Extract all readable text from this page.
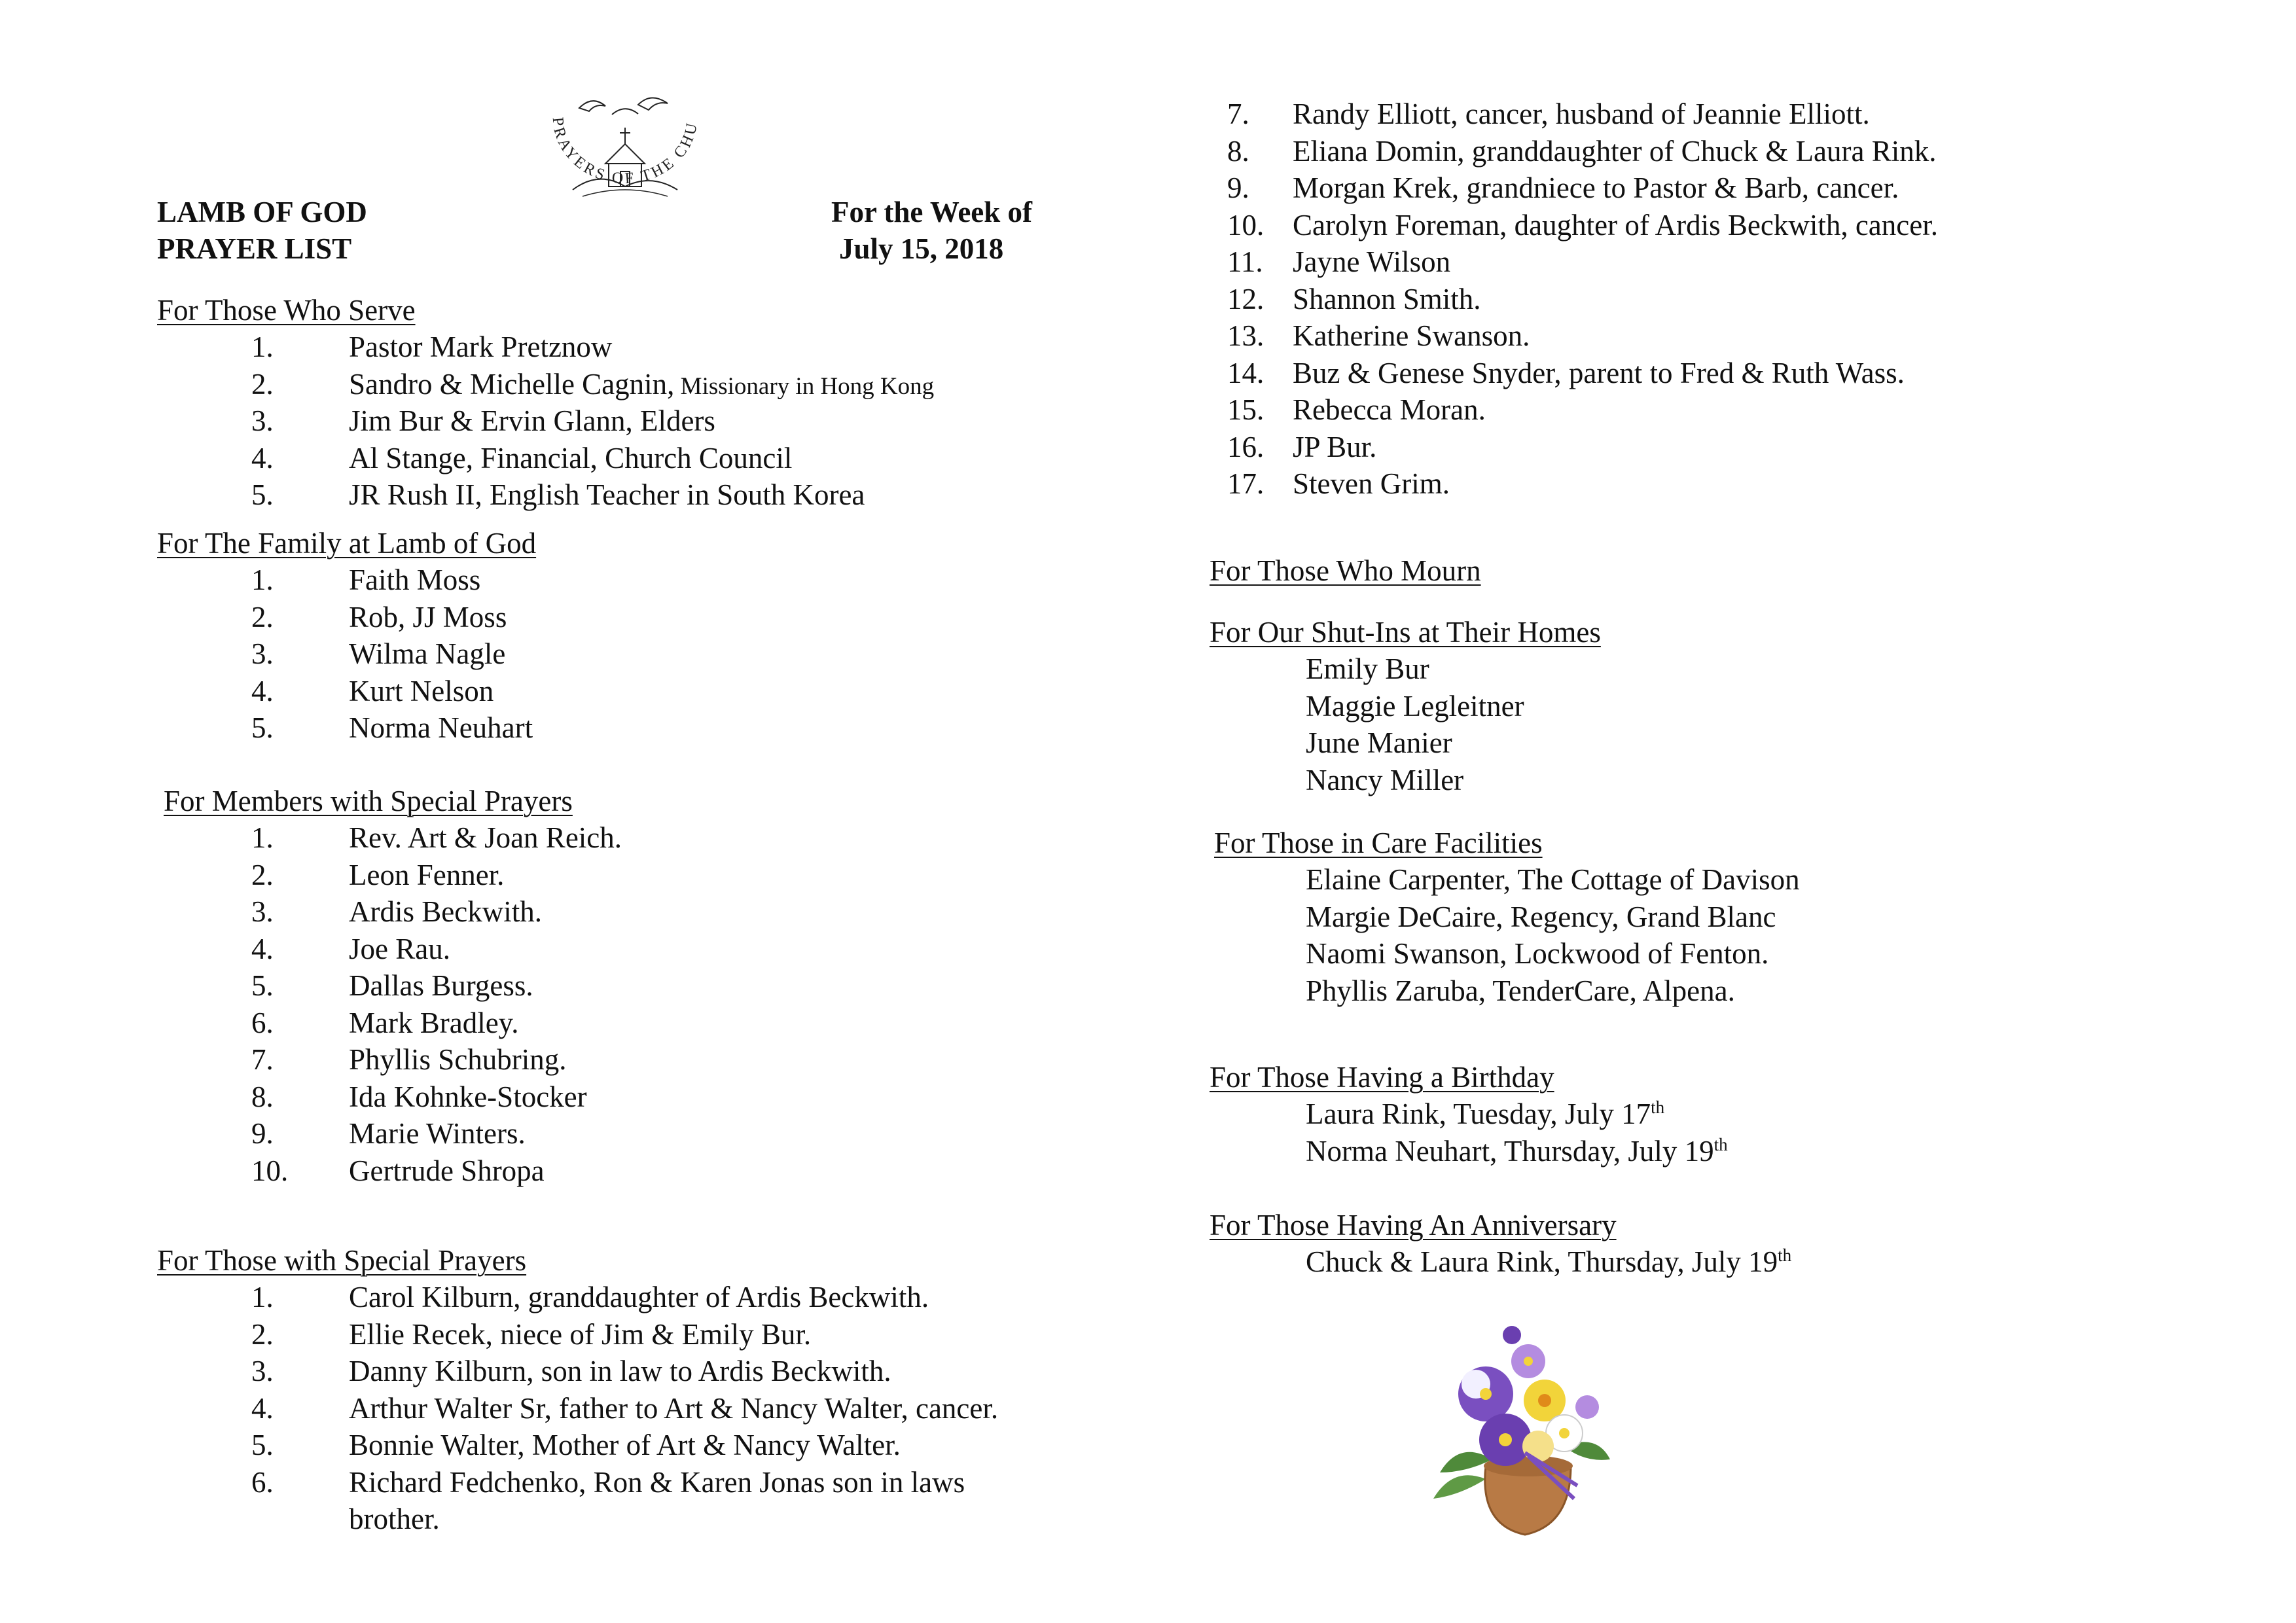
LAMB OF GOD
PRAYER LIST
For the Week of
July 15, 2018
PRAYERS OF THE CHURCH
For Those Who Serve
1.	Pastor Mark Pretznow
2.	Sandro & Michelle Cagnin, Missionary in Hong Kong
3.	Jim Bur & Ervin Glann, Elders
4.	Al Stange, Financial, Church Council
5.	JR Rush II, English Teacher in South Korea
For The Family at Lamb of God
1.	Faith Moss
2.	Rob, JJ Moss
3.	Wilma Nagle
4.	Kurt Nelson
5.	Norma Neuhart
For Members with Special Prayers
1.	Rev. Art & Joan Reich.
2.	Leon Fenner.
3.	Ardis Beckwith.
4.	Joe Rau.
5.	Dallas Burgess.
6.	Mark Bradley.
7.	Phyllis Schubring.
8.	Ida Kohnke-Stocker
9.	Marie Winters.
10. Gertrude Shropa
For Those with Special Prayers
1.	Carol Kilburn, granddaughter of Ardis Beckwith.
2.	Ellie Recek, niece of Jim & Emily Bur.
3.	Danny Kilburn, son in law to Ardis Beckwith.
4.	Arthur Walter Sr, father to Art & Nancy Walter, cancer.
5.	Bonnie Walter, Mother of Art & Nancy Walter.
6.	Richard Fedchenko, Ron & Karen Jonas son in laws
brother.
7. Randy Elliott, cancer, husband of Jeannie Elliott.
8. Eliana Domin, granddaughter of Chuck & Laura Rink.
9. Morgan Krek, grandniece to Pastor & Barb, cancer.
10. Carolyn Foreman, daughter of Ardis Beckwith, cancer.
11. Jayne Wilson
12. Shannon Smith.
13. Katherine Swanson.
14. Buz & Genese Snyder, parent to Fred & Ruth Wass.
15. Rebecca Moran.
16. JP Bur.
17. Steven Grim.
For Those Who Mourn
For Our Shut-Ins at Their Homes
Emily Bur
Maggie Legleitner
June Manier
Nancy Miller
For Those in Care Facilities
Elaine Carpenter, The Cottage of Davison
Margie DeCaire, Regency, Grand Blanc
Naomi Swanson, Lockwood of Fenton.
Phyllis Zaruba, TenderCare, Alpena.
For Those Having a Birthday
Laura Rink, Tuesday, July 17th
Norma Neuhart, Thursday, July 19th
For Those Having An Anniversary
Chuck & Laura Rink, Thursday, July 19th
